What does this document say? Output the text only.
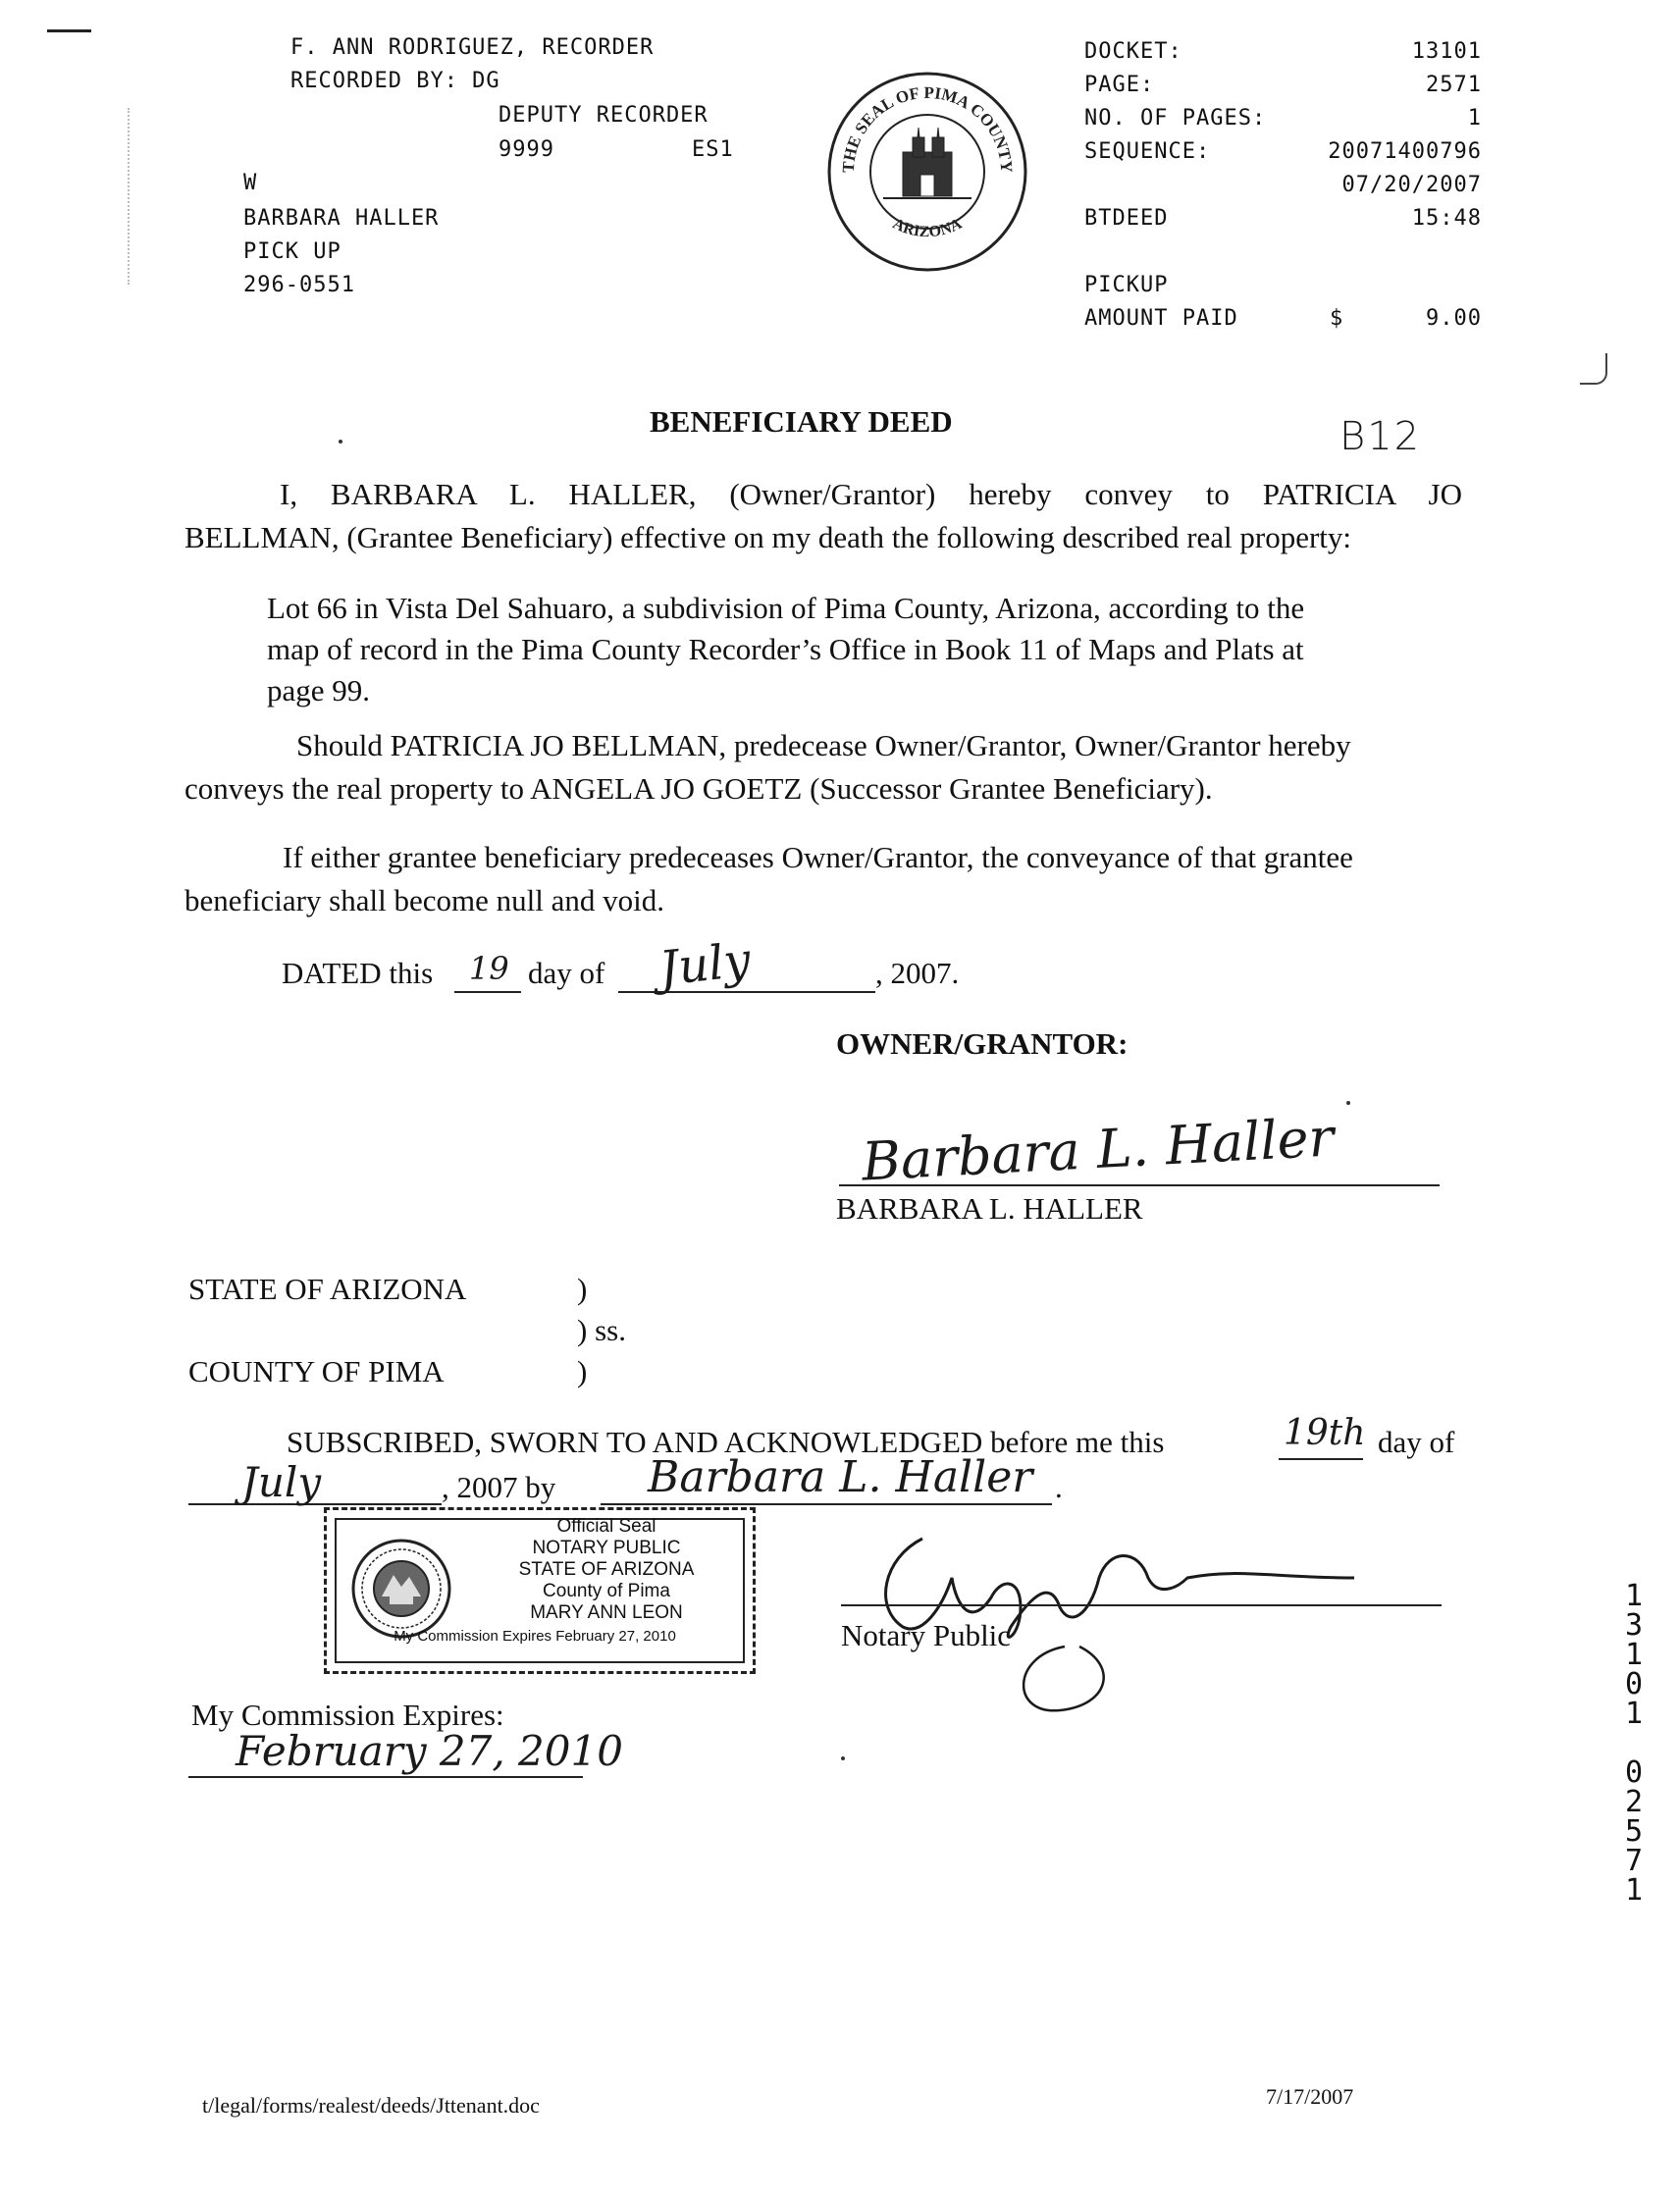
F. ANN RODRIGUEZ, RECORDER
RECORDED BY: DG
DEPUTY RECORDER
9999	ES1
W
BARBARA HALLER
PICK UP
296-0551
THE SEAL OF PIMA COUNTY
ARIZONA
DOCKET:	13101
PAGE:	2571
NO. OF PAGES:	1
SEQUENCE:	20071400796
07/20/2007
BTDEED	15:48
PICKUP
AMOUNT PAID	$	9.00
B12
BENEFICIARY DEED
I, BARBARA L. HALLER, (Owner/Grantor) hereby convey to PATRICIA JO
BELLMAN, (Grantee Beneficiary) effective on my death the following described real property:
Lot 66 in Vista Del Sahuaro, a subdivision of Pima County, Arizona, according to the
map of record in the Pima County Recorder’s Office in Book 11 of Maps and Plats at
page 99.
Should PATRICIA JO BELLMAN, predecease Owner/Grantor, Owner/Grantor hereby
conveys the real property to ANGELA JO GOETZ (Successor Grantee Beneficiary).
If either grantee beneficiary predeceases Owner/Grantor, the conveyance of that grantee
beneficiary shall become null and void.
DATED this 19 day of July	, 2007.
OWNER/GRANTOR:
Barbara L. Haller
BARBARA L. HALLER
STATE OF ARIZONA	)
) ss.
COUNTY OF PIMA	)
SUBSCRIBED, SWORN TO AND ACKNOWLEDGED before me this	19th day of
July	, 2007 by Barbara L. Haller .
Official Seal
NOTARY PUBLIC
STATE OF ARIZONA
County of Pima
MARY ANN LEON
My Commission Expires February 27, 2010	Notary Public
My Commission Expires:
February 27, 2010
1
3
1
0
1
0
2
5
7
1
t/legal/forms/realest/deeds/Jttenant.doc	7/17/2007
